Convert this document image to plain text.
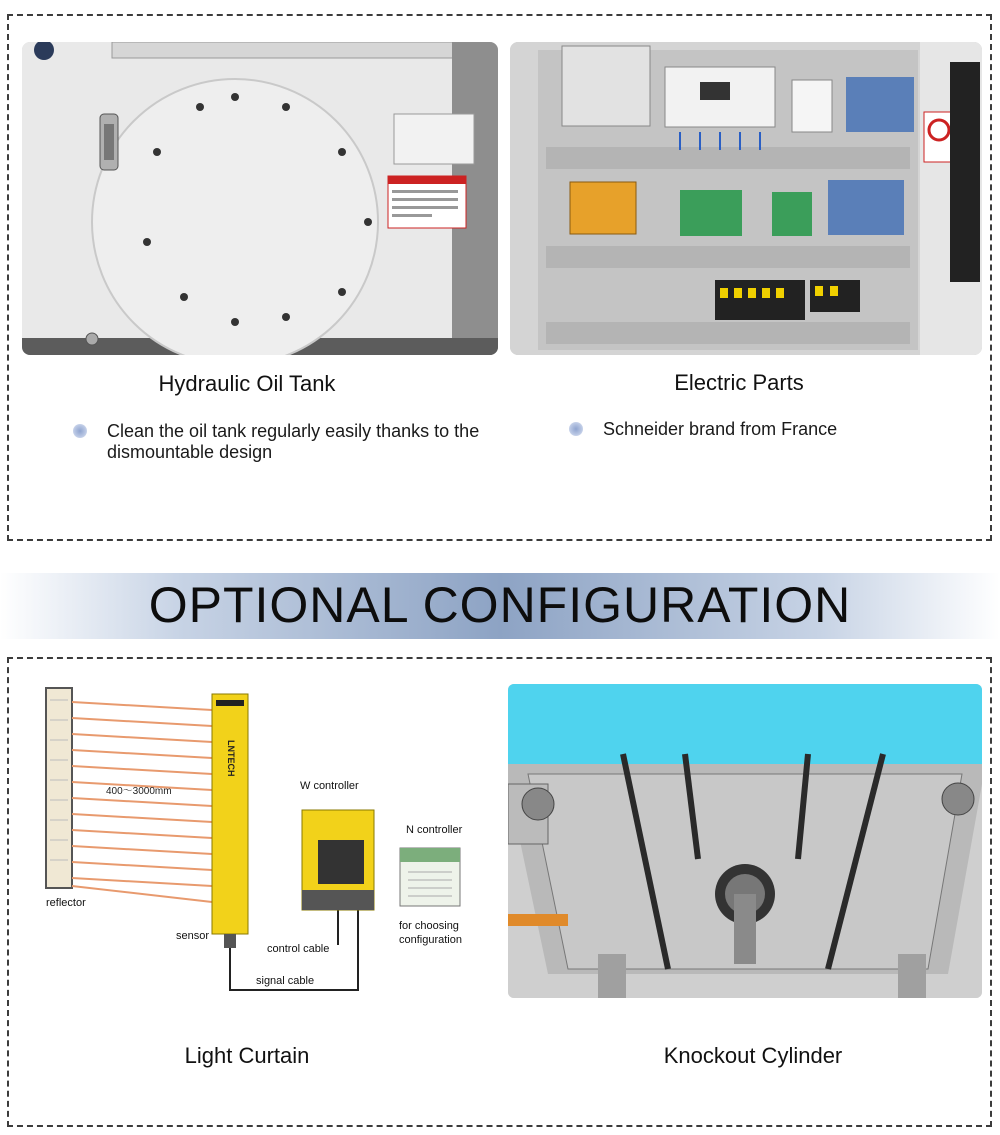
Hydraulic Oil Tank	Electric Parts
Clean the oil tank regularly easily thanks to the dismountable design
Schneider brand from France
OPTIONAL CONFIGURATION
400～3000mm
LNTECH
reflector
sensor
W controller
N controller
for choosing
configuration
control cable
signal cable
Light Curtain	Knockout Cylinder
